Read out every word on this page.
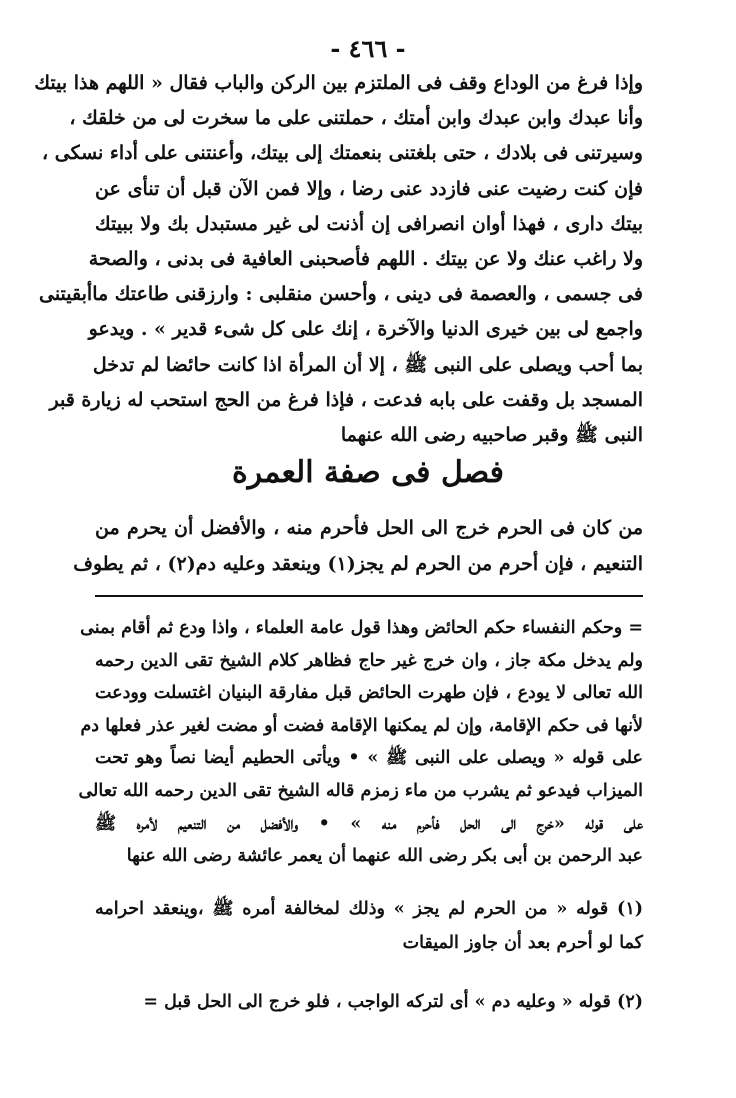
- ٤٦٦ -
وإذا فرغ من الوداع وقف فى الملتزم بين الركن والباب فقال « اللهم هذا بيتك
وأنا عبدك وابن عبدك وابن أمتك ، حملتنى على ما سخرت لى من خلقك ،
وسيرتنى فى بلادك ، حتى بلغتنى بنعمتك إلى بيتك، وأعنتنى على أداء نسكى ،
فإن كنت رضيت عنى فازدد عنى رضا ، وإلا فمن الآن قبل أن تنأى عن
بيتك دارى ، فهذا أوان انصرافى إن أذنت لى غير مستبدل بك ولا ببيتك
ولا راغب عنك ولا عن بيتك . اللهم فأصحبنى العافية فى بدنى ، والصحة
فى جسمى ، والعصمة فى دينى ، وأحسن منقلبى : وارزقنى طاعتك ماأبقيتنى
واجمع لى بين خيرى الدنيا والآخرة ، إنك على كل شىء قدير » . ويدعو
بما أحب ويصلى على النبى ﷺ ، إلا أن المرأة اذا كانت حائضا لم تدخل
المسجد بل وقفت على بابه فدعت ، فإذا فرغ من الحج استحب له زيارة قبر
النبى ﷺ وقبر صاحبيه رضى الله عنهما
فصل فى صفة العمرة
من كان فى الحرم خرج الى الحل فأحرم منه ، والأفضل أن يحرم من
التنعيم ، فإن أحرم من الحرم لم يجز(١) وينعقد وعليه دم(٢) ، ثم يطوف
= وحكم النفساء حكم الحائض وهذا قول عامة العلماء ، واذا ودع ثم أقام بمنى
ولم يدخل مكة جاز ، وان خرج غير حاج فظاهر كلام الشيخ تقى الدين رحمه
الله تعالى لا يودع ، فإن طهرت الحائض قبل مفارقة البنيان اغتسلت وودعت
لأنها فى حكم الإقامة، وإن لم يمكنها الإقامة فضت أو مضت لغير عذر فعلها دم
على قوله « ويصلى على النبى ﷺ » • ويأتى الحطيم أيضا نصاً وهو تحت
الميزاب فيدعو ثم يشرب من ماء زمزم قاله الشيخ تقى الدين رحمه الله تعالى
على قوله «خرج الى الحل فأحرم منه » • والأفضل من التنعيم لأمره ﷺ
عبد الرحمن بن أبى بكر رضى الله عنهما أن يعمر عائشة رضى الله عنها
(١) قوله « من الحرم لم يجز » وذلك لمخالفة أمره ﷺ ،وينعقد احرامه
كما لو أحرم بعد أن جاوز الميقات
(٢) قوله « وعليه دم » أى لتركه الواجب ، فلو خرج الى الحل قبل =
